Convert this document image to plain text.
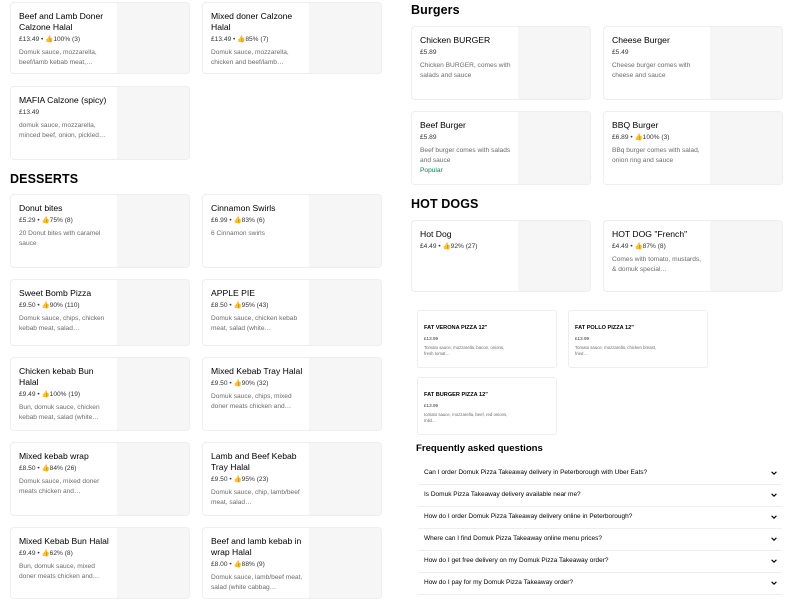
Beef and Lamb Doner Calzone Halal
£13.49 • 👍100% (3)
Domuk sauce, mozzarella, beef/lamb kebab meat,…
Mixed doner Calzone Halal
£13.49 • 👍85% (7)
Domuk sauce, mozzarella, chicken and beef/lamb…
MAFIA Calzone (spicy)
£13.49
domuk sauce, mozzarella, minced beef, onion, pickled…
DESSERTS
Donut bites
£5.29 • 👍75% (8)
20 Donut bites with caramel sauce
Cinnamon Swirls
£6.99 • 👍83% (6)
6 Cinnamon swirls
Sweet Bomb Pizza
£9.50 • 👍90% (110)
Domuk sauce, chips, chicken kebab meat, salad…
APPLE PIE
£8.50 • 👍95% (43)
Domuk sauce, chicken kebab meat, salad (white…
Chicken kebab Bun Halal
£9.49 • 👍100% (19)
Bun, domuk sauce, chicken kebab meat, salad (white…
Mixed Kebab Tray Halal
£9.50 • 👍90% (32)
Domuk sauce, chips, mixed doner meats chicken and…
Mixed kebab wrap
£8.50 • 👍84% (26)
Domuk sauce, mixed doner meats chicken and…
Lamb and Beef Kebab Tray Halal
£9.50 • 👍95% (23)
Domuk sauce, chip, lamb/beef meat, salad…
Mixed Kebab Bun Halal
£9.49 • 👍62% (8)
Bun, domuk sauce, mixed doner meats chicken and…
Beef and lamb kebab in wrap Halal
£8.00 • 👍88% (9)
Domuk sauce, lamb/beef meat, salad (white cabbag…
Burgers
Chicken BURGER
£5.89
Chicken BURGER, comes with salads and sauce
Cheese Burger
£5.49
Cheese burger comes with cheese and sauce
Beef Burger
£5.89
Beef burger comes with salads and sauce
Popular
BBQ Burger
£6.89 • 👍100% (3)
BBq burger comes with salad, onion ring and sauce
HOT DOGS
Hot Dog
£4.49 • 👍92% (27)
HOT DOG "French"
£4.49 • 👍87% (8)
Comes with tomato, mustards, & domuk special…
FAT VERONA PIZZA 12"
£13.99
Tomato sauce, mozzarella, bacon, onions, fresh tomat…
FAT POLLO PIZZA 12"
£13.99
Tomato sauce, mozzarella, chicken breast, fried…
FAT BURGER PIZZA 12"
£13.99
tomato sauce, mozzarella, beef, red onions, mild…
Frequently asked questions
Can I order Domuk Pizza Takeaway delivery in Peterborough with Uber Eats?
Is Domuk Pizza Takeaway delivery available near me?
How do I order Domuk Pizza Takeaway delivery online in Peterborough?
Where can I find Domuk Pizza Takeaway online menu prices?
How do I get free delivery on my Domuk Pizza Takeaway order?
How do I pay for my Domuk Pizza Takeaway order?
